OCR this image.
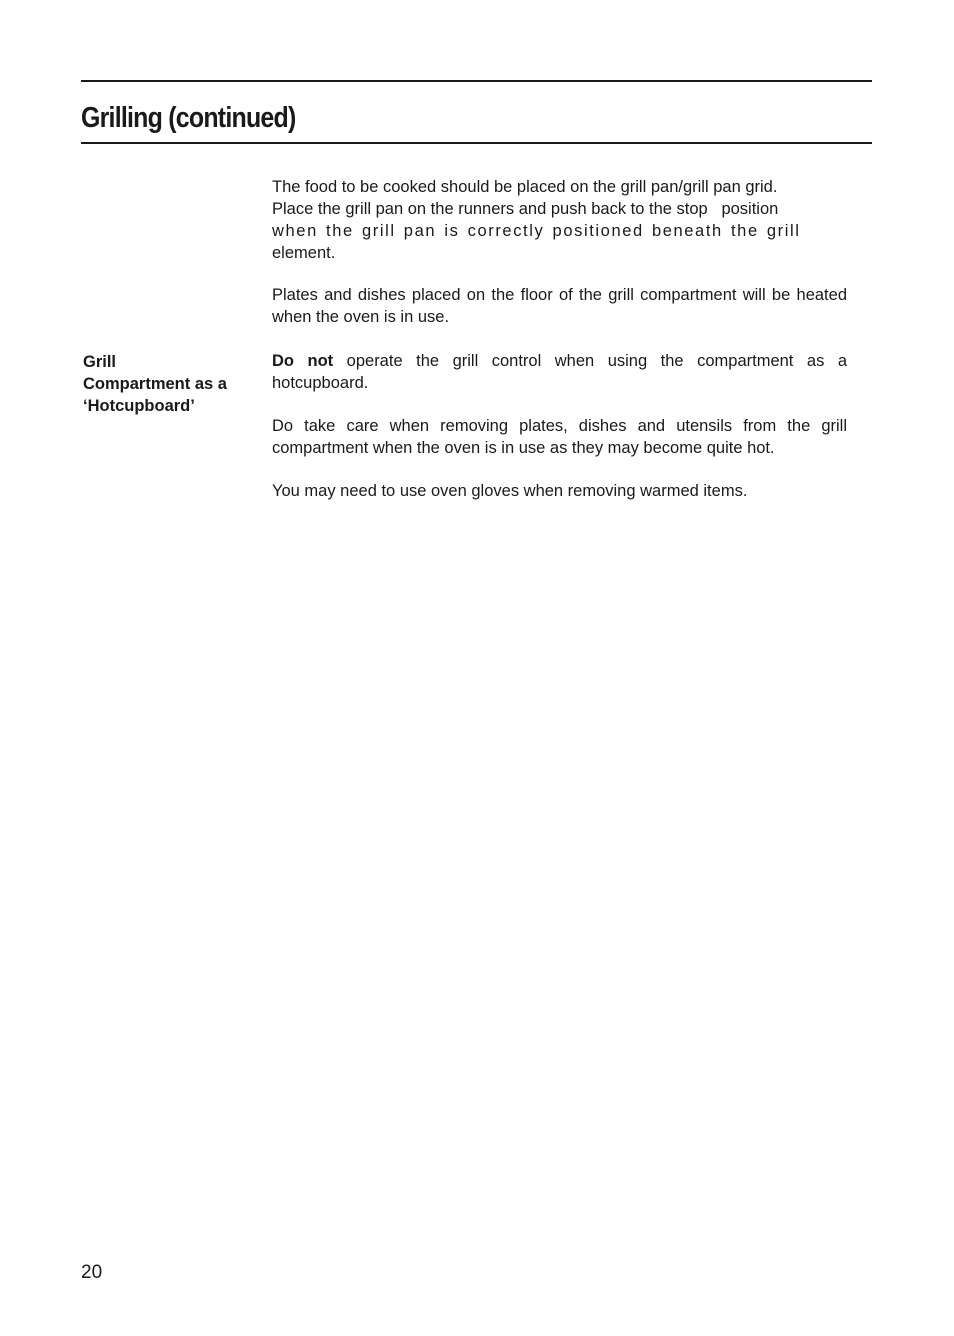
Grilling (continued)
The food to be cooked should be placed on the grill pan/grill pan grid.
Place the grill pan on the runners and push back to the stop   position
when the grill pan is correctly positioned beneath the grill
element.

Plates and dishes placed on the floor of the grill compartment will be heated when the oven is in use.

Grill
Compartment as a
‘Hotcupboard’

Do not operate the grill control when using the compartment as a hotcupboard.

Do take care when removing plates, dishes and utensils from the grill compartment when the oven is in use as they may become quite hot.

You may need to use oven gloves when removing warmed items.

20
